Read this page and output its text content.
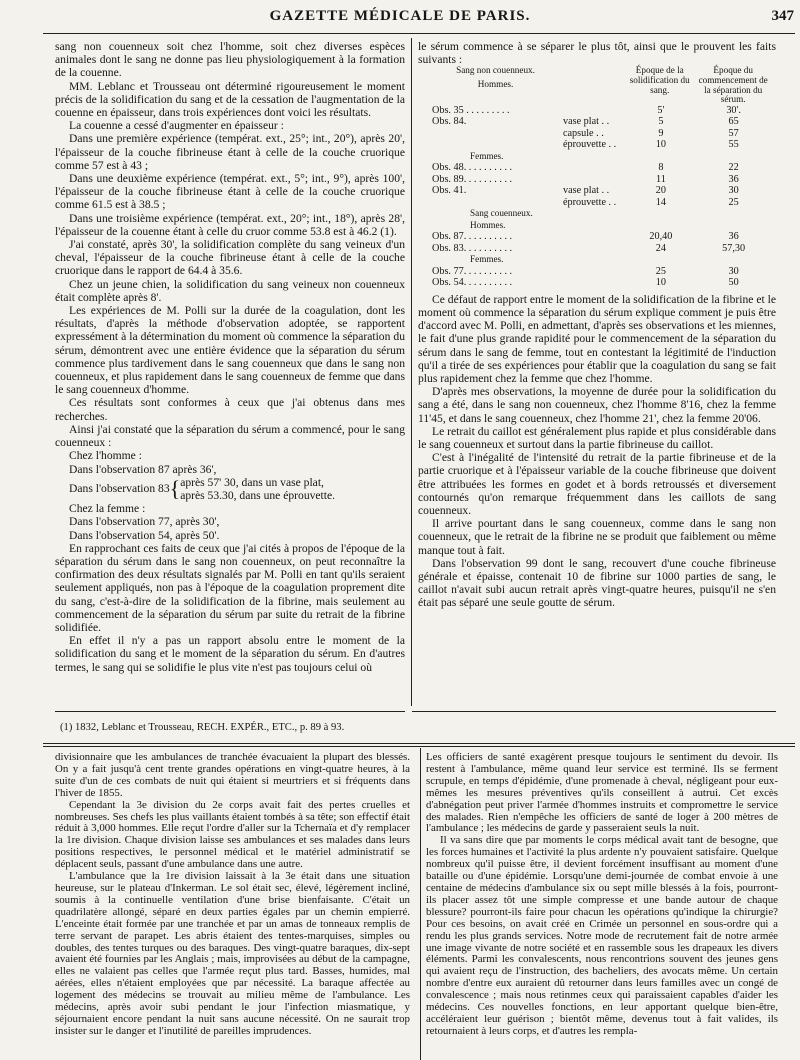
GAZETTE MÉDICALE DE PARIS.	347

sang non couenneux soit chez l'homme, soit chez diverses espèces animales dont le sang ne donne pas lieu physiologiquement à la formation de la couenne.

MM. Leblanc et Trousseau ont déterminé rigoureusement le moment précis de la solidification du sang et de la cessation de l'augmentation de la couenne en épaisseur, dans trois expériences dont voici les résultats.

La couenne a cessé d'augmenter en épaisseur :

Dans une première expérience (températ. ext., 25°; int., 20°), après 20', l'épaisseur de la couche fibrineuse étant à celle de la couche cruorique comme 57 est à 43 ;

Dans une deuxième expérience (températ. ext., 5°; int., 9°), après 100', l'épaisseur de la couche fibrineuse étant à celle de la couche cruorique comme 61.5 est à 38.5 ;

Dans une troisième expérience (températ. ext., 20°; int., 18°), après 28', l'épaisseur de la couenne étant à celle du cruor comme 53.8 est à 46.2 (1).

J'ai constaté, après 30', la solidification complète du sang veineux d'un cheval, l'épaisseur de la couche fibrineuse étant à celle de la couche cruorique dans le rapport de 64.4 à 35.6.

Chez un jeune chien, la solidification du sang veineux non couenneux était complète après 8'.

Les expériences de M. Polli sur la durée de la coagulation, dont les résultats, d'après la méthode d'observation adoptée, se rapportent expressément à la détermination du moment où commence la séparation du sérum, démontrent avec une entière évidence que la séparation du sérum commence plus tardivement dans le sang couenneux que dans le sang non couenneux, et plus rapidement dans le sang couenneux de femme que dans le sang couenneux d'homme.

Ces résultats sont conformes à ceux que j'ai obtenus dans mes recherches.

Ainsi j'ai constaté que la séparation du sérum a commencé, pour le sang couenneux :

Chez l'homme :

Dans l'observation 87 après 36',

Dans l'observation 83 { après 57' 30, dans un vase plat,
après 53.30, dans une éprouvette.

Chez la femme :

Dans l'observation 77, après 30',

Dans l'observation 54, après 50'.

En rapprochant ces faits de ceux que j'ai cités à propos de l'époque de la séparation du sérum dans le sang non couenneux, on peut reconnaître la confirmation des deux résultats signalés par M. Polli en tant qu'ils seraient seulement appliqués, non pas à l'époque de la coagulation proprement dite du sang, c'est-à-dire de la solidification de la fibrine, mais seulement au commencement de la séparation du sérum par suite du retrait de la fibrine solidifiée.

En effet il n'y a pas un rapport absolu entre le moment de la solidification du sang et le moment de la séparation du sérum. En d'autres termes, le sang qui se solidifie le plus vite n'est pas toujours celui où

le sérum commence à se séparer le plus tôt, ainsi que le prouvent les faits suivants :

Sang non couenneux.
Hommes.
		Époque de la solidification du sang.	Époque du commencement de la séparation du sérum.
Obs. 35 . . . . . . . . .		5'	30'.
Obs. 84.	vase plat . .	5	65
	capsule . .	9	57
	éprouvette . .	10	55
Femmes.			
Obs. 48. . . . . . . . . .		8	22
Obs. 89. . . . . . . . . .		11	36
Obs. 41.	vase plat . .	20	30
	éprouvette . .	14	25
Sang couenneux.			
Hommes.			
Obs. 87. . . . . . . . . .		20,40	36
Obs. 83. . . . . . . . . .		24	57,30
Femmes.			
Obs. 77. . . . . . . . . .		25	30
Obs. 54. . . . . . . . . .		10	50

Ce défaut de rapport entre le moment de la solidification de la fibrine et le moment où commence la séparation du sérum explique comment je puis être d'accord avec M. Polli, en admettant, d'après ses observations et les miennes, le fait d'une plus grande rapidité pour le commencement de la séparation du sérum dans le sang de femme, tout en contestant la légitimité de l'induction qu'il a tirée de ses expériences pour établir que la coagulation du sang se fait plus rapidement chez la femme que chez l'homme.

D'après mes observations, la moyenne de durée pour la solidification du sang a été, dans le sang non couenneux, chez l'homme 8'16, chez la femme 11'45, et dans le sang couenneux, chez l'homme 21', chez la femme 20'06.

Le retrait du caillot est généralement plus rapide et plus considérable dans le sang couenneux et surtout dans la partie fibrineuse du caillot.

C'est à l'inégalité de l'intensité du retrait de la partie fibrineuse et de la partie cruorique et à l'épaisseur variable de la couche fibrineuse que doivent être attribuées les formes en godet et à bords retroussés et diversement contournés qu'on remarque fréquemment dans les caillots de sang couenneux.

Il arrive pourtant dans le sang couenneux, comme dans le sang non couenneux, que le retrait de la fibrine ne se produit que faiblement ou même manque tout à fait.

Dans l'observation 99 dont le sang, recouvert d'une couche fibrineuse générale et épaisse, contenait 10 de fibrine sur 1000 parties de sang, le caillot n'avait subi aucun retrait après vingt-quatre heures, puisqu'il ne s'en était pas séparé une seule goutte de sérum.

(1) 1832, Leblanc et Trousseau, RECH. EXPÉR., ETC., p. 89 à 93.

divisionnaire que les ambulances de tranchée évacuaient la plupart des blessés. On y a fait jusqu'à cent trente grandes opérations en vingt-quatre heures, à la suite d'un de ces combats de nuit qui étaient si meurtriers et si fréquents dans l'hiver de 1855.

Cependant la 3e division du 2e corps avait fait des pertes cruelles et nombreuses. Ses chefs les plus vaillants étaient tombés à sa tête; son effectif était réduit à 3,000 hommes. Elle reçut l'ordre d'aller sur la Tchernaïa et d'y remplacer la 1re division. Chaque division laisse ses ambulances et ses malades dans leurs positions respectives, le personnel médical et le matériel administratif se déplacent seuls, passant d'une ambulance dans une autre.

L'ambulance que la 1re division laissait à la 3e était dans une situation heureuse, sur le plateau d'Inkerman. Le sol était sec, élevé, légèrement incliné, soumis à la continuelle ventilation d'une brise bienfaisante. C'était un quadrilatère allongé, séparé en deux parties égales par un chemin empierré. L'enceinte était formée par une tranchée et par un amas de tonneaux remplis de terre servant de parapet. Les abris étaient des tentes-marquises, simples ou doubles, des tentes turques ou des baraques. Des vingt-quatre baraques, dix-sept avaient été fournies par les Anglais ; mais, improvisées au début de la campagne, elles ne valaient pas celles que l'armée reçut plus tard. Basses, humides, mal aérées, elles n'étaient employées que par nécessité. La baraque affectée au logement des médecins se trouvait au milieu même de l'ambulance. Les médecins, après avoir subi pendant le jour l'infection miasmatique, y séjournaient encore pendant la nuit sans aucune nécessité. On ne saurait trop insister sur le danger et l'inutilité de pareilles imprudences.

Les officiers de santé exagèrent presque toujours le sentiment du devoir. Ils restent à l'ambulance, même quand leur service est terminé. Ils se ferment scrupule, en temps d'épidémie, d'une promenade à cheval, négligeant pour eux-mêmes les mesures préventives qu'ils conseillent à autrui. Cet excès d'abnégation peut priver l'armée d'hommes instruits et compromettre le service des malades. Rien n'empêche les officiers de santé de loger à 200 mètres de l'ambulance ; les médecins de garde y passeraient seuls la nuit.

Il va sans dire que par moments le corps médical avait tant de besogne, que les forces humaines et l'activité la plus ardente n'y pouvaient satisfaire. Quelque nombreux qu'il puisse être, il devient forcément insuffisant au moment d'une bataille ou d'une épidémie. Lorsqu'une demi-journée de combat envoie à une centaine de médecins d'ambulance six ou sept mille blessés à la fois, pourront-ils placer assez tôt une simple compresse et une bande autour de chaque blessure? pourront-ils faire pour chacun les opérations qu'indique la chirurgie? Pour ces besoins, on avait créé en Crimée un personnel en sous-ordre qui a rendu les plus grands services. Notre mode de recrutement fait de notre armée une image vivante de notre société et en rassemble sous les drapeaux les divers éléments. Parmi les convalescents, nous rencontrions souvent des jeunes gens qui avaient reçu de l'instruction, des bacheliers, des avocats même. Un certain nombre d'entre eux auraient dû retourner dans leurs familles avec un congé de convalescence ; mais nous retinmes ceux qui paraissaient capables d'aider les médecins. Ces nouvelles fonctions, en leur apportant quelque bien-être, accéléraient leur guérison ; bientôt même, devenus tout à fait valides, ils retournaient à leurs corps, et d'autres les rempla-
